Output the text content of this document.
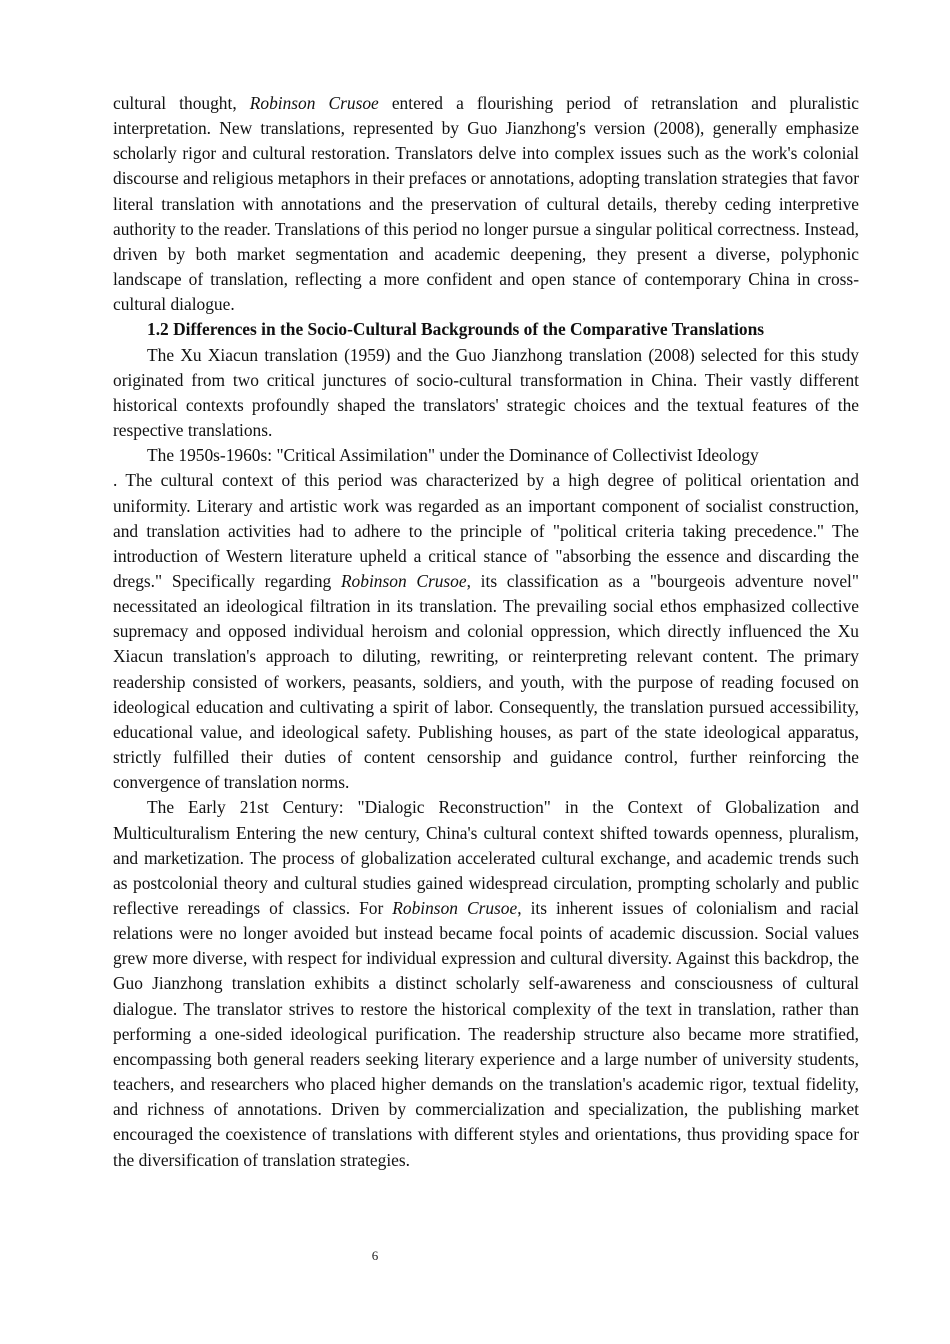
cultural thought, Robinson Crusoe entered a flourishing period of retranslation and pluralistic interpretation. New translations, represented by Guo Jianzhong's version (2008), generally emphasize scholarly rigor and cultural restoration. Translators delve into complex issues such as the work's colonial discourse and religious metaphors in their prefaces or annotations, adopting translation strategies that favor literal translation with annotations and the preservation of cultural details, thereby ceding interpretive authority to the reader. Translations of this period no longer pursue a singular political correctness. Instead, driven by both market segmentation and academic deepening, they present a diverse, polyphonic landscape of translation, reflecting a more confident and open stance of contemporary China in cross-cultural dialogue.

1.2 Differences in the Socio-Cultural Backgrounds of the Comparative Translations

The Xu Xiacun translation (1959) and the Guo Jianzhong translation (2008) selected for this study originated from two critical junctures of socio-cultural transformation in China. Their vastly different historical contexts profoundly shaped the translators' strategic choices and the textual features of the respective translations.

The 1950s-1960s: "Critical Assimilation" under the Dominance of Collectivist Ideology

. The cultural context of this period was characterized by a high degree of political orientation and uniformity. Literary and artistic work was regarded as an important component of socialist construction, and translation activities had to adhere to the principle of "political criteria taking precedence." The introduction of Western literature upheld a critical stance of "absorbing the essence and discarding the dregs." Specifically regarding Robinson Crusoe, its classification as a "bourgeois adventure novel" necessitated an ideological filtration in its translation. The prevailing social ethos emphasized collective supremacy and opposed individual heroism and colonial oppression, which directly influenced the Xu Xiacun translation's approach to diluting, rewriting, or reinterpreting relevant content. The primary readership consisted of workers, peasants, soldiers, and youth, with the purpose of reading focused on ideological education and cultivating a spirit of labor. Consequently, the translation pursued accessibility, educational value, and ideological safety. Publishing houses, as part of the state ideological apparatus, strictly fulfilled their duties of content censorship and guidance control, further reinforcing the convergence of translation norms.

The Early 21st Century: "Dialogic Reconstruction" in the Context of Globalization and Multiculturalism Entering the new century, China's cultural context shifted towards openness, pluralism, and marketization. The process of globalization accelerated cultural exchange, and academic trends such as postcolonial theory and cultural studies gained widespread circulation, prompting scholarly and public reflective rereadings of classics. For Robinson Crusoe, its inherent issues of colonialism and racial relations were no longer avoided but instead became focal points of academic discussion. Social values grew more diverse, with respect for individual expression and cultural diversity. Against this backdrop, the Guo Jianzhong translation exhibits a distinct scholarly self-awareness and consciousness of cultural dialogue. The translator strives to restore the historical complexity of the text in translation, rather than performing a one-sided ideological purification. The readership structure also became more stratified, encompassing both general readers seeking literary experience and a large number of university students, teachers, and researchers who placed higher demands on the translation's academic rigor, textual fidelity, and richness of annotations. Driven by commercialization and specialization, the publishing market encouraged the coexistence of translations with different styles and orientations, thus providing space for the diversification of translation strategies.

6
